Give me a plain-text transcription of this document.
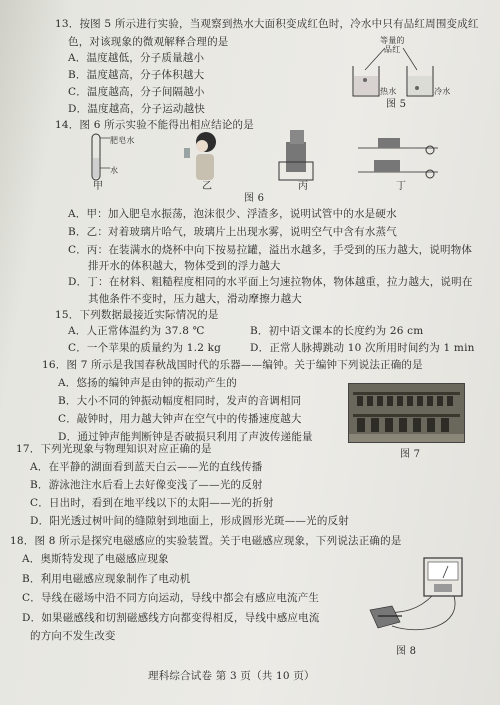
13．按图 5 所示进行实验，当观察到热水大面积变成红色时，冷水中只有品红周围变成红
色，对该现象的微观解释合理的是
A．温度越低，分子质量越小
B．温度越高，分子体积越大
C．温度越高，分子间隔越小
D．温度越高，分子运动越快
等量的
品红
热水	冷水
图 5
14．图 6 所示实验不能得出相应结论的是
肥皂水
水
甲	乙	丙	丁
图 6
A．甲：加入肥皂水振荡，泡沫很少、浮渣多，说明试管中的水是硬水
B．乙：对着玻璃片哈气，玻璃片上出现水雾，说明空气中含有水蒸气
C．丙：在装满水的烧杯中向下按易拉罐，溢出水越多，手受到的压力越大，说明物体
排开水的体积越大，物体受到的浮力越大
D．丁：在材料、粗糙程度相同的水平面上匀速拉物体，物体越重，拉力越大，说明在
其他条件不变时，压力越大，滑动摩擦力越大
15．下列数据最接近实际情况的是
A．人正常体温约为 37.8 ℃	B．初中语文课本的长度约为 26 cm
C．一个苹果的质量约为 1.2 kg	D．正常人脉搏跳动 10 次所用时间约为 1 min
16．图 7 所示是我国春秋战国时代的乐器——编钟。关于编钟下列说法正确的是
A．悠扬的编钟声是由钟的振动产生的
B．大小不同的钟振动幅度相同时，发声的音调相同
C．敲钟时，用力越大钟声在空气中的传播速度越大
D．通过钟声能判断钟是否破损只利用了声波传递能量
图 7
17．下列光现象与物理知识对应正确的是
A．在平静的湖面看到蓝天白云——光的直线传播
B．游泳池注水后看上去好像变浅了——光的反射
C．日出时，看到在地平线以下的太阳——光的折射
D．阳光透过树叶间的缝隙射到地面上，形成圆形光斑——光的反射
18．图 8 所示是探究电磁感应的实验装置。关于电磁感应现象，下列说法正确的是
A．奥斯特发现了电磁感应现象
B．利用电磁感应现象制作了电动机
C．导线在磁场中沿不同方向运动，导线中都会有感应电流产生
D．如果磁感线和切割磁感线方向都变得相反，导线中感应电流
的方向不发生改变
图 8
理科综合试卷 第 3 页（共 10 页）
